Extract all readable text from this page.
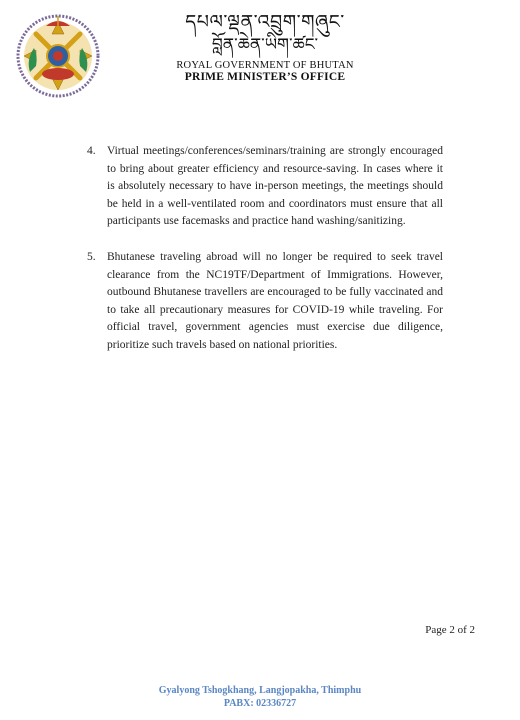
དཔལ་ལྡན་འབྲུག་གཞུང་
བློན་ཆེན་ཡིག་ཚང་
ROYAL GOVERNMENT OF BHUTAN
PRIME MINISTER’S OFFICE
4. Virtual meetings/conferences/seminars/training are strongly encouraged to bring about greater efficiency and resource-saving. In cases where it is absolutely necessary to have in-person meetings, the meetings should be held in a well-ventilated room and coordinators must ensure that all participants use facemasks and practice hand washing/sanitizing.
5. Bhutanese traveling abroad will no longer be required to seek travel clearance from the NC19TF/Department of Immigrations. However, outbound Bhutanese travellers are encouraged to be fully vaccinated and to take all precautionary measures for COVID-19 while traveling. For official travel, government agencies must exercise due diligence, prioritize such travels based on national priorities.
Page 2 of 2
Gyalyong Tshogkhang, Langjopakha, Thimphu
PABX: 02336727
